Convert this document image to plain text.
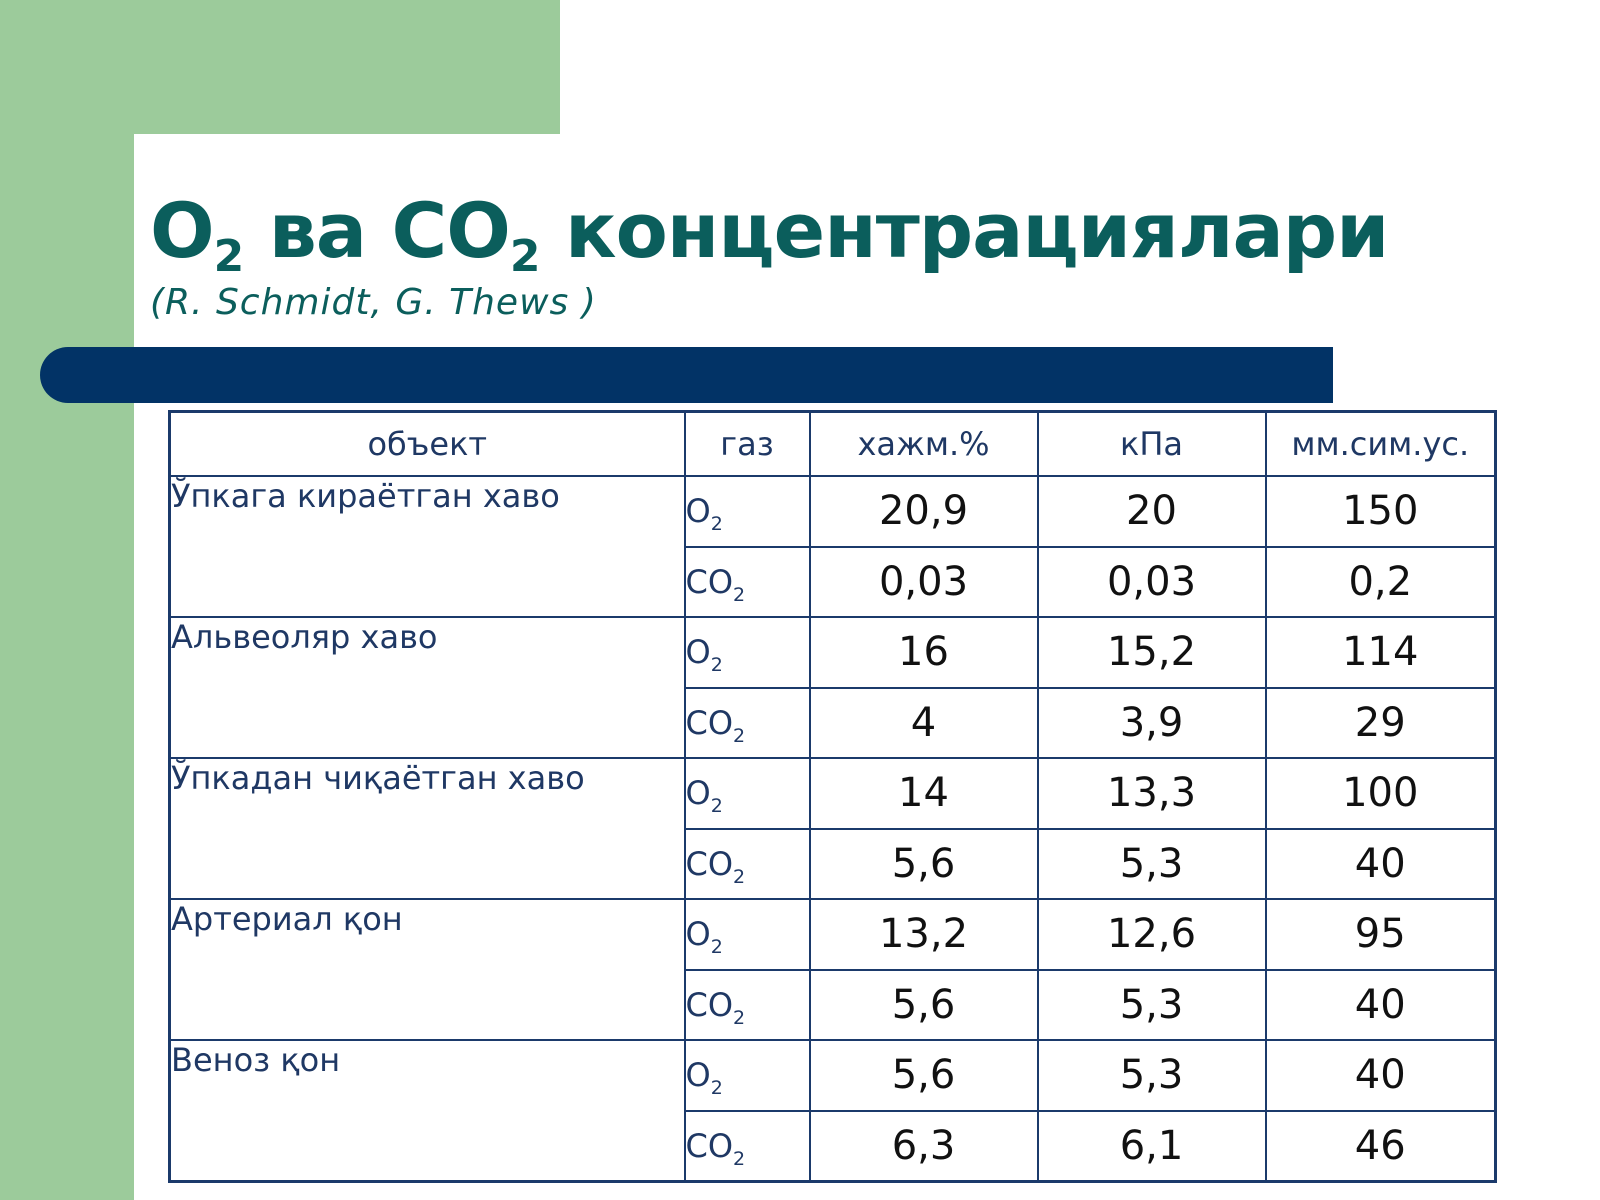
$O_2$ ва $CO_2$ концентрациялари
(R. Schmidt, G. Thews )
объект	газ	хажм.%	кПа	мм.сим.ус.
Ўпкага кираётган хаво	$O_2$	20,9	20	150
	$CO_2$	0,03	0,03	0,2
Альвеоляр хаво	$O_2$	16	15,2	114
	$CO_2$	4	3,9	29
Ўпкадан чиқаётган хаво	$O_2$	14	13,3	100
	$CO_2$	5,6	5,3	40
Артериал қон	$O_2$	13,2	12,6	95
	$CO_2$	5,6	5,3	40
Веноз қон	$O_2$	5,6	5,3	40
	$CO_2$	6,3	6,1	46
